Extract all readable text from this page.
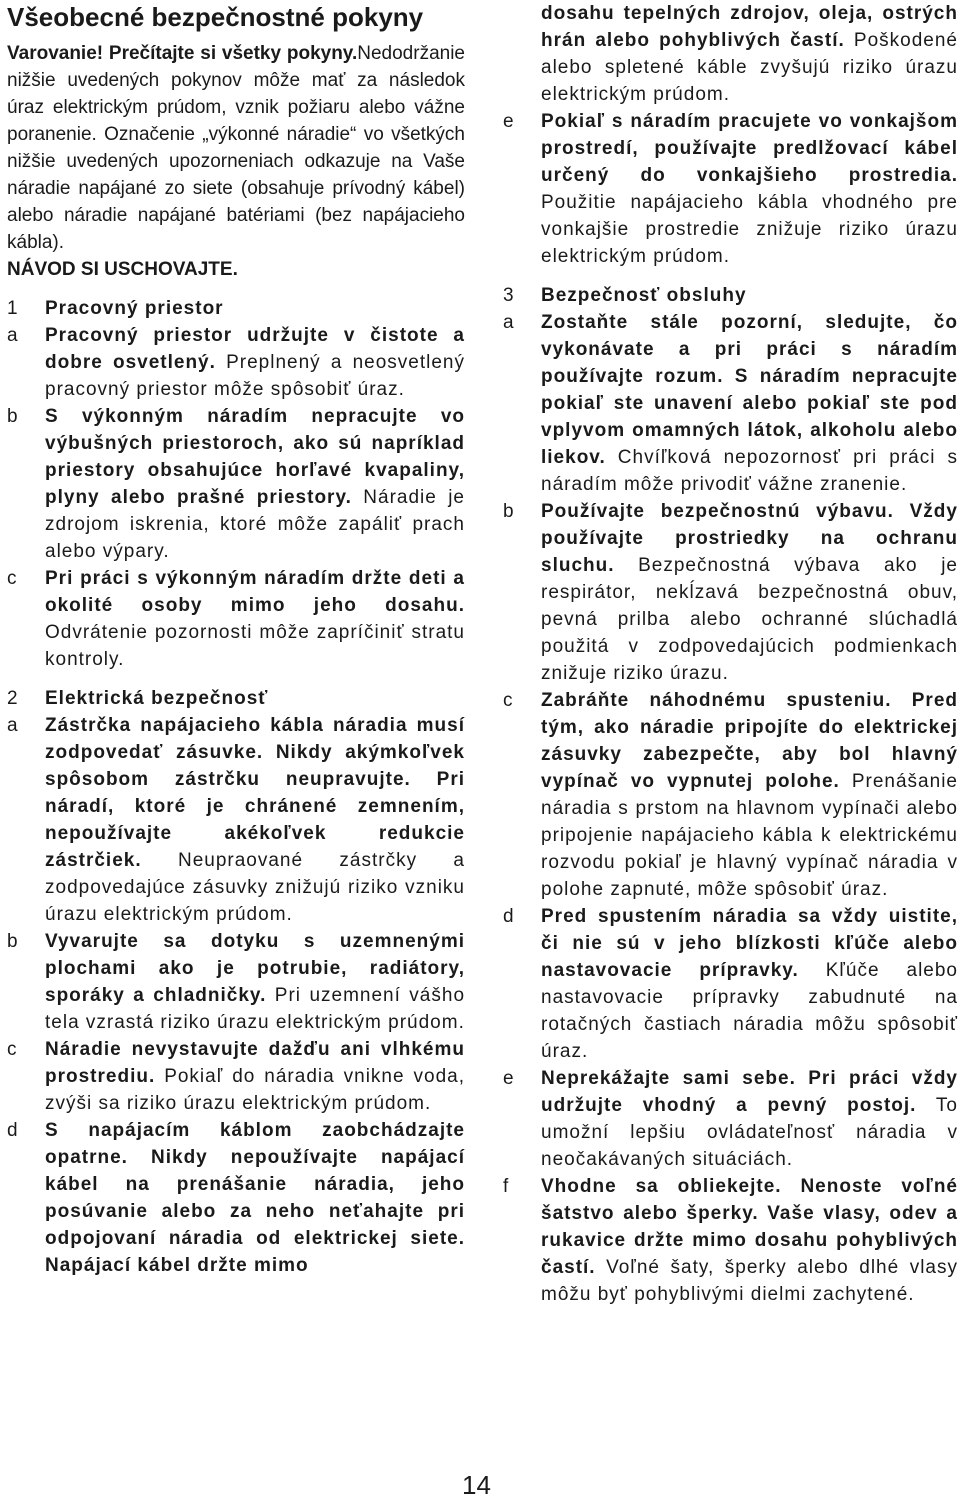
Všeobecné bezpečnostné pokyny

Varovanie! Prečítajte si všetky pokyny.Nedodržanie nižšie uvedených pokynov môže mať za následok úraz elektrickým prúdom, vznik požiaru alebo vážne poranenie. Označenie „výkonné náradie“ vo všetkých nižšie uvedených upozorneniach odkazuje na Vaše náradie napájané zo siete (obsahuje prívodný kábel) alebo náradie napájané batériami (bez napájacieho kábla).

NÁVOD SI USCHOVAJTE.

1	Pracovný priestor
a	Pracovný priestor udržujte v čistote a dobre osvetlený. Preplnený a neosvetlený pracovný priestor môže spôsobiť úraz.
b	S výkonným náradím nepracujte vo výbušných priestoroch, ako sú napríklad priestory obsahujúce horľavé kvapaliny, plyny alebo prašné priestory. Náradie je zdrojom iskrenia, ktoré môže zapáliť prach alebo výpary.
c	Pri práci s výkonným náradím držte deti a okolité osoby mimo jeho dosahu. Odvrátenie pozornosti môže zapríčiniť stratu kontroly.
2	Elektrická bezpečnosť
a	Zástrčka napájacieho kábla náradia musí zodpovedať zásuvke. Nikdy akýmkoľvek spôsobom zástrčku neupravujte. Pri náradí, ktoré je chránené zemnením, nepoužívajte akékoľvek redukcie zástrčiek. Neupraované zástrčky a zodpovedajúce zásuvky znižujú riziko vzniku úrazu elektrickým prúdom.
b	Vyvarujte sa dotyku s uzemnenými plochami ako je potrubie, radiátory, sporáky a chladničky. Pri uzemnení vášho tela vzrastá riziko úrazu elektrickým prúdom.
c	Náradie nevystavujte dažďu ani vlhkému prostrediu. Pokiaľ do náradia vnikne voda, zvýši sa riziko úrazu elektrickým prúdom.
d	S napájacím káblom zaobchádzajte opatrne. Nikdy nepoužívajte napájací kábel na prenášanie náradia, jeho posúvanie alebo za neho neťahajte pri odpojovaní náradia od elektrickej siete. Napájací kábel držte mimo
dosahu tepelných zdrojov, oleja, ostrých hrán alebo pohyblivých častí. Poškodené alebo spletené káble zvyšujú riziko úrazu elektrickým prúdom.
e	Pokiaľ s náradím pracujete vo vonkajšom prostredí, používajte predlžovací kábel určený do vonkajšieho prostredia. Použitie napájacieho kábla vhodného pre vonkajšie prostredie znižuje riziko úrazu elektrickým prúdom.
3	Bezpečnosť obsluhy
a	Zostaňte stále pozorní, sledujte, čo vykonávate a pri práci s náradím používajte rozum. S náradím nepracujte pokiaľ ste unavení alebo pokiaľ ste pod vplyvom omamných látok, alkoholu alebo liekov. Chvíľková nepozornosť pri práci s náradím môže privodiť vážne zranenie.
b	Používajte bezpečnostnú výbavu. Vždy používajte prostriedky na ochranu sluchu. Bezpečnostná výbava ako je respirátor, nekĺzavá bezpečnostná obuv, pevná prilba alebo ochranné slúchadlá použitá v zodpovedajúcich podmienkach znižuje riziko úrazu.
c	Zabráňte náhodnému spusteniu. Pred tým, ako náradie pripojíte do elektrickej zásuvky zabezpečte, aby bol hlavný vypínač vo vypnutej polohe. Prenášanie náradia s prstom na hlavnom vypínači alebo pripojenie napájacieho kábla k elektrickému rozvodu pokiaľ je hlavný vypínač náradia v polohe zapnuté, môže spôsobiť úraz.
d	Pred spustením náradia sa vždy uistite, či nie sú v jeho blízkosti kľúče alebo nastavovacie prípravky. Kľúče alebo nastavovacie prípravky zabudnuté na rotačných častiach náradia môžu spôsobiť úraz.
e	Neprekážajte sami sebe. Pri práci vždy udržujte vhodný a pevný postoj. To umožní lepšiu ovládateľnosť náradia v neočakávaných situáciách.
f	Vhodne sa obliekejte. Nenoste voľné šatstvo alebo šperky. Vaše vlasy, odev a rukavice držte mimo dosahu pohyblivých častí. Voľné šaty, šperky alebo dlhé vlasy môžu byť pohyblivými dielmi zachytené.
14
